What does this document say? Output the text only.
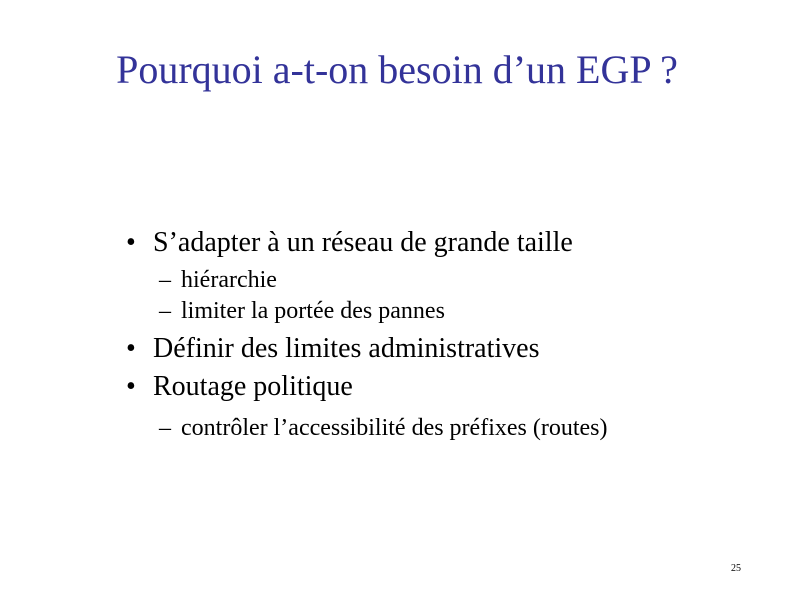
Pourquoi a-t-on besoin d’un EGP ?
• S’adapter à un réseau de grande taille
– hiérarchie
– limiter la portée des pannes
• Définir des limites administratives
• Routage politique
– contrôler l’accessibilité des préfixes (routes)
25
